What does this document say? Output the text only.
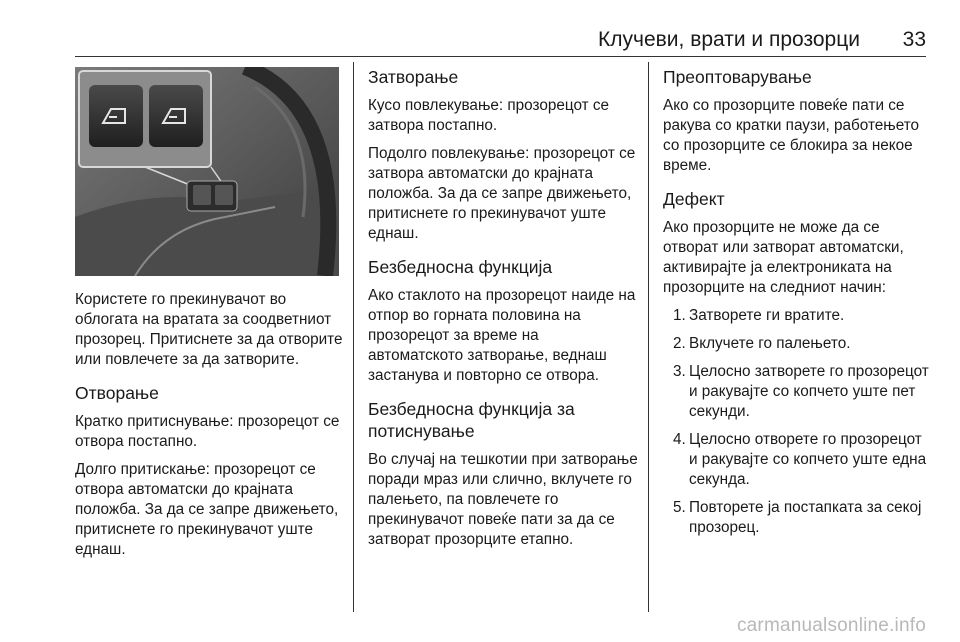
Клучеви, врати и прозорци 33

Користете го прекинувачот во облогата на вратата за соодветниот прозорец. Притиснете за да отворите или повлечете за да затворите.

Отворање

Кратко притиснување: прозорецот се отвора постапно.

Долго притискање: прозорецот се отвора автоматски до крајната положба. За да се запре движењето, притиснете го прекинувачот уште еднаш.

Затворање

Кусо повлекување: прозорецот се затвора постапно.

Подолго повлекување: прозорецот се затвора автоматски до крајната положба. За да се запре движењето, притиснете го прекинувачот уште еднаш.

Безбедносна функција

Ако стаклото на прозорецот наиде на отпор во горната половина на прозорецот за време на автоматското затворање, веднаш застанува и повторно се отвора.

Безбедносна функција за потиснување

Во случај на тешкотии при затворање поради мраз или слично, вклучете го палењето, па повлечете го прекинувачот повеќе пати за да се затворат прозорците етапно.

Преоптоварување

Ако со прозорците повеќе пати се ракува со кратки паузи, работењето со прозорците се блокира за некое време.

Дефект

Ако прозорците не може да се отворат или затворат автоматски, активирајте ја електрониката на прозорците на следниот начин:

1. Затворете ги вратите.
2. Вклучете го палењето.
3. Целосно затворете го прозорецот и ракувајте со копчето уште пет секунди.
4. Целосно отворете го прозорецот и ракувајте со копчето уште една секунда.
5. Повторете ја постапката за секој прозорец.
carmanualsonline.info
